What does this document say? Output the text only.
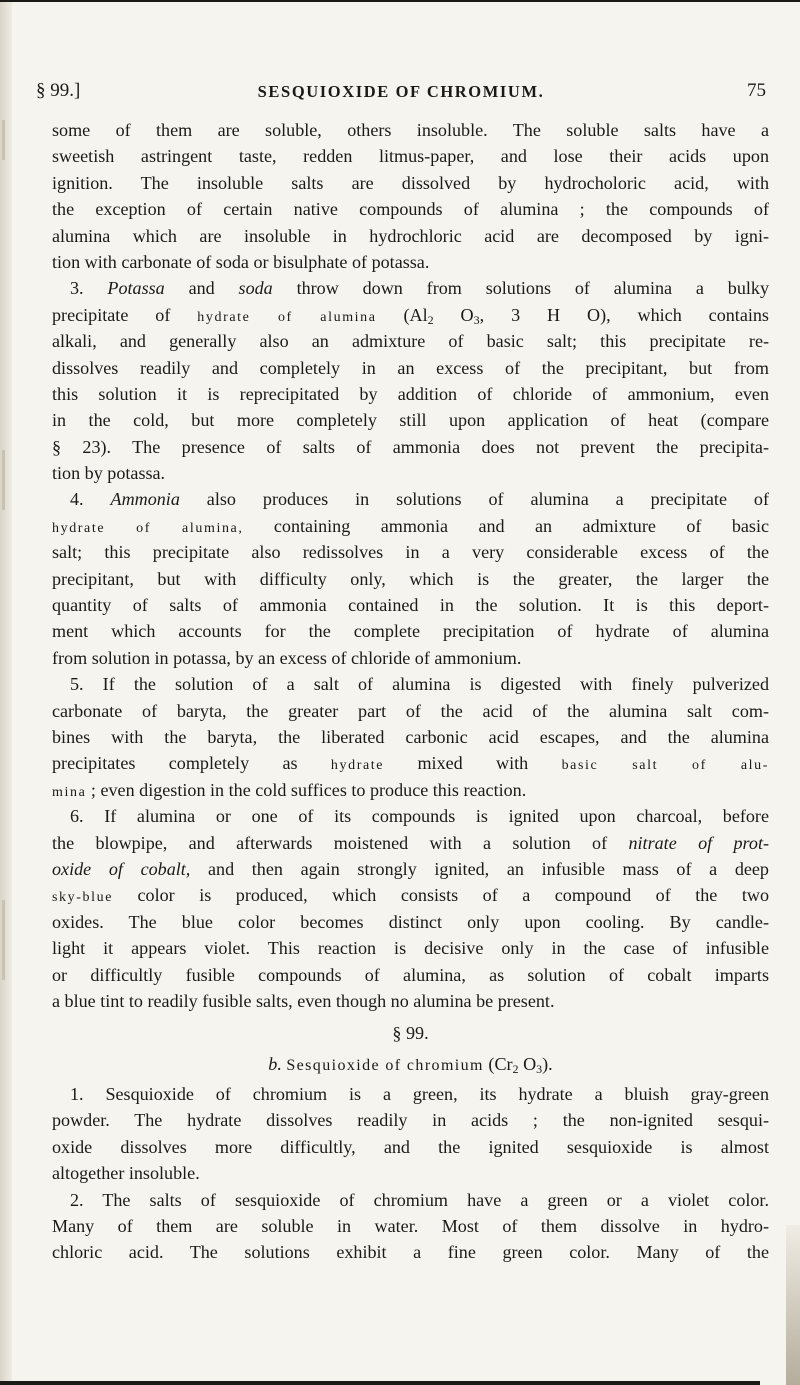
§ 99.]	SESQUIOXIDE OF CHROMIUM.	75
some of them are soluble, others insoluble. The soluble salts have a
sweetish astringent taste, redden litmus-paper, and lose their acids upon
ignition. The insoluble salts are dissolved by hydrocholoric acid, with
the exception of certain native compounds of alumina ; the compounds of
alumina which are insoluble in hydrochloric acid are decomposed by igni-
tion with carbonate of soda or bisulphate of potassa.
3. Potassa and soda throw down from solutions of alumina a bulky
precipitate of hydrate of alumina ($Al_2$ $O_3$, 3 H O), which contains
alkali, and generally also an admixture of basic salt; this precipitate re-
dissolves readily and completely in an excess of the precipitant, but from
this solution it is reprecipitated by addition of chloride of ammonium, even
in the cold, but more completely still upon application of heat (compare
§ 23). The presence of salts of ammonia does not prevent the precipita-
tion by potassa.
4. Ammonia also produces in solutions of alumina a precipitate of
hydrate of alumina, containing ammonia and an admixture of basic
salt; this precipitate also redissolves in a very considerable excess of the
precipitant, but with difficulty only, which is the greater, the larger the
quantity of salts of ammonia contained in the solution. It is this deport-
ment which accounts for the complete precipitation of hydrate of alumina
from solution in potassa, by an excess of chloride of ammonium.
5. If the solution of a salt of alumina is digested with finely pulverized
carbonate of baryta, the greater part of the acid of the alumina salt com-
bines with the baryta, the liberated carbonic acid escapes, and the alumina
precipitates completely as hydrate mixed with basic salt of alu-
mina ; even digestion in the cold suffices to produce this reaction.
6. If alumina or one of its compounds is ignited upon charcoal, before
the blowpipe, and afterwards moistened with a solution of nitrate of prot-
oxide of cobalt, and then again strongly ignited, an infusible mass of a deep
sky-blue color is produced, which consists of a compound of the two
oxides. The blue color becomes distinct only upon cooling. By candle-
light it appears violet. This reaction is decisive only in the case of infusible
or difficultly fusible compounds of alumina, as solution of cobalt imparts
a blue tint to readily fusible salts, even though no alumina be present.
§ 99.
b. Sesquioxide of chromium ($Cr_2$ $O_3$).
1. Sesquioxide of chromium is a green, its hydrate a bluish gray-green
powder. The hydrate dissolves readily in acids ; the non-ignited sesqui-
oxide dissolves more difficultly, and the ignited sesquioxide is almost
altogether insoluble.
2. The salts of sesquioxide of chromium have a green or a violet color.
Many of them are soluble in water. Most of them dissolve in hydro-
chloric acid. The solutions exhibit a fine green color. Many of the
